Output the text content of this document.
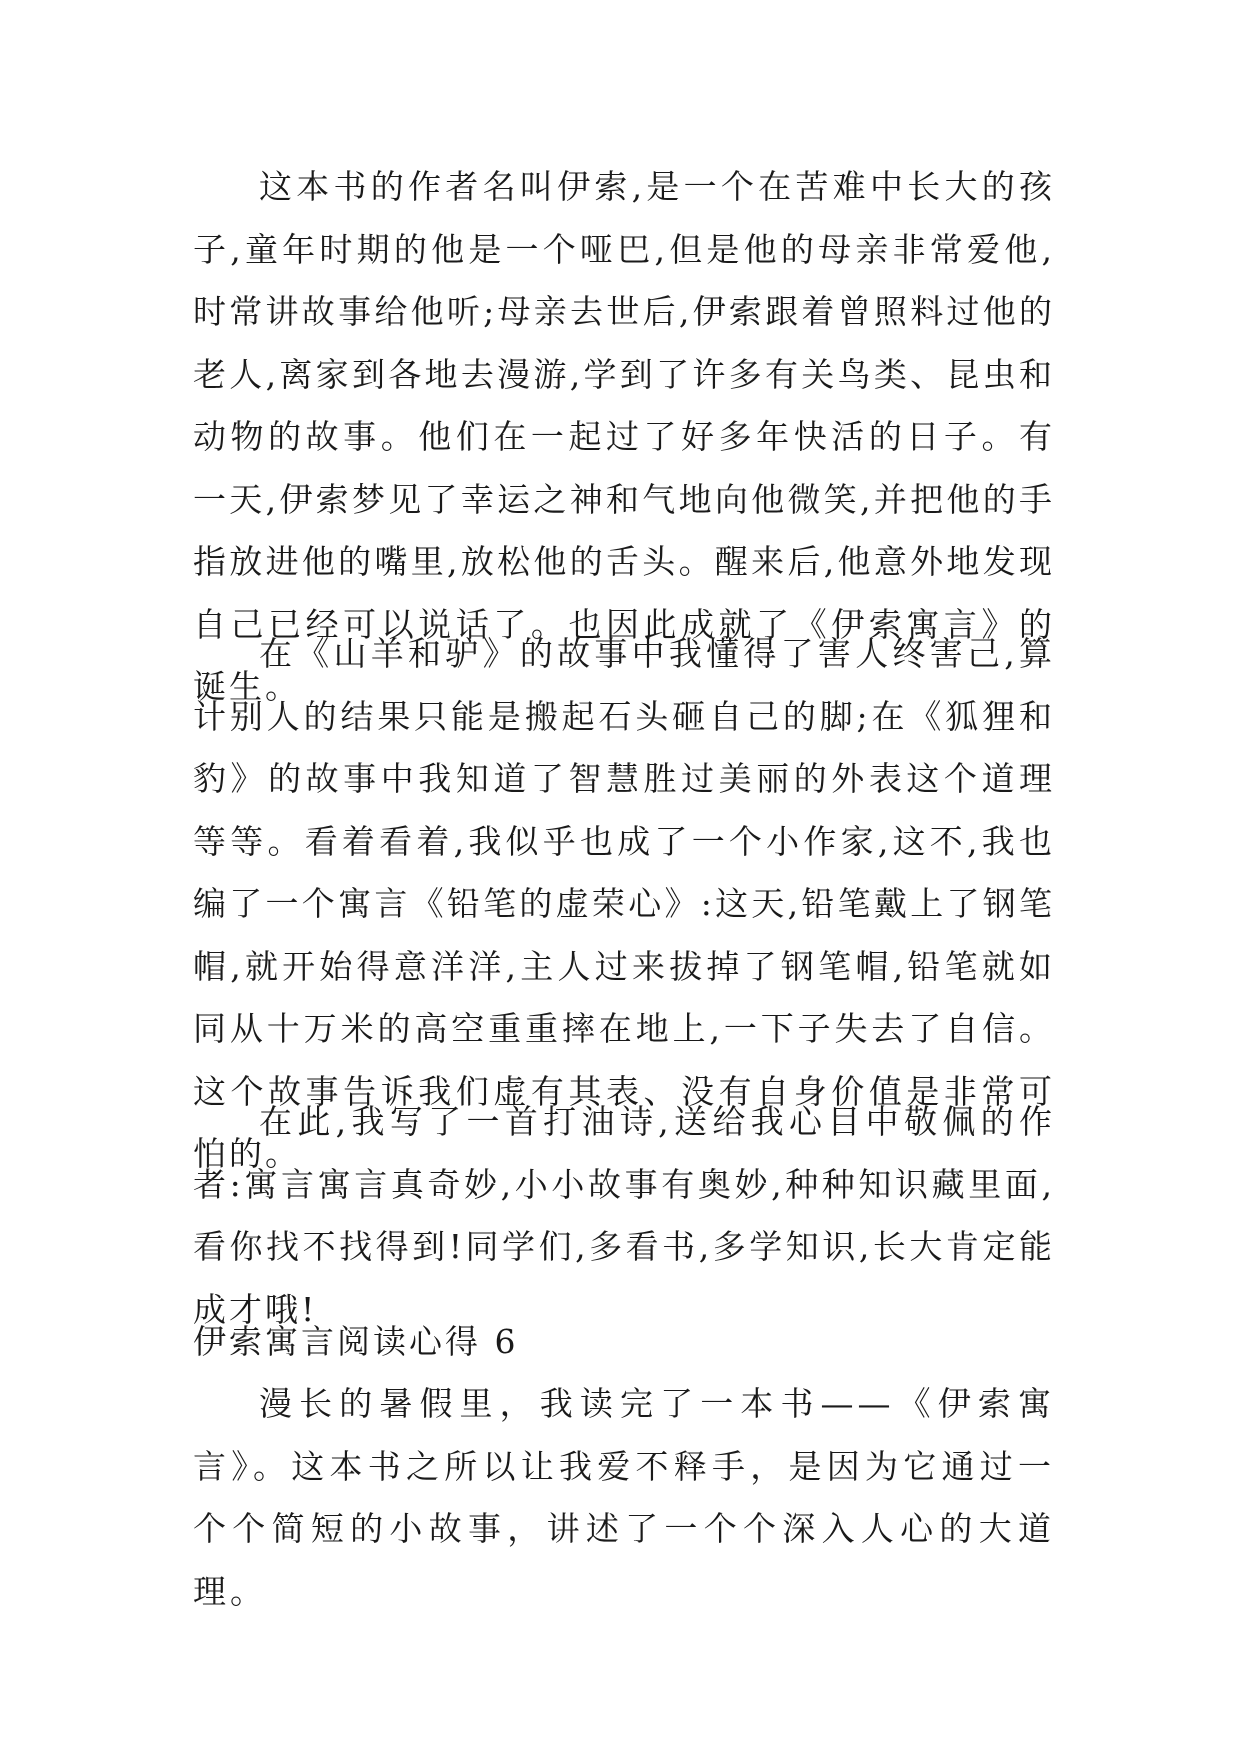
这本书的作者名叫伊索,是一个在苦难中长大的孩子,童年时期的他是一个哑巴,但是他的母亲非常爱他,时常讲故事给他听;母亲去世后,伊索跟着曾照料过他的老人,离家到各地去漫游,学到了许多有关鸟类、昆虫和动物的故事。他们在一起过了好多年快活的日子。有一天,伊索梦见了幸运之神和气地向他微笑,并把他的手指放进他的嘴里,放松他的舌头。醒来后,他意外地发现自己已经可以说话了。也因此成就了《伊索寓言》的诞生。

在《山羊和驴》的故事中我懂得了害人终害己,算计别人的结果只能是搬起石头砸自己的脚;在《狐狸和豹》的故事中我知道了智慧胜过美丽的外表这个道理等等。看着看着,我似乎也成了一个小作家,这不,我也编了一个寓言《铅笔的虚荣心》:这天,铅笔戴上了钢笔帽,就开始得意洋洋,主人过来拔掉了钢笔帽,铅笔就如同从十万米的高空重重摔在地上,一下子失去了自信。这个故事告诉我们虚有其表、没有自身价值是非常可怕的。

在此,我写了一首打油诗,送给我心目中敬佩的作者:寓言寓言真奇妙,小小故事有奥妙,种种知识藏里面,看你找不找得到!同学们,多看书,多学知识,长大肯定能成才哦!

伊索寓言阅读心得 6

漫长的暑假里，我读完了一本书——《伊索寓言》。这本书之所以让我爱不释手，是因为它通过一个个简短的小故事，讲述了一个个深入人心的大道理。
